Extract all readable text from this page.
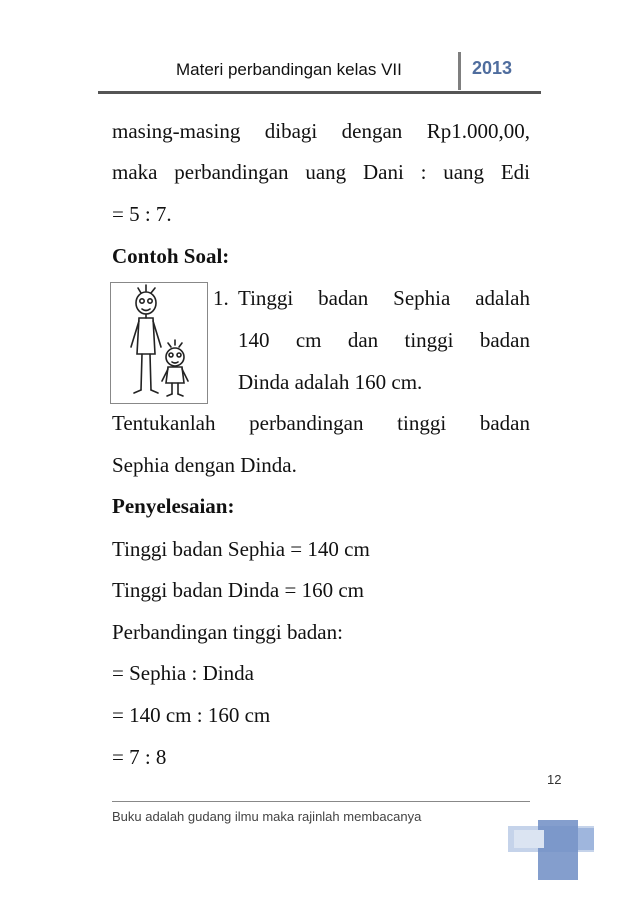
Materi perbandingan kelas VII	2013
masing-masing dibagi dengan Rp1.000,00,
maka perbandingan uang Dani : uang Edi
= 5 : 7.
Contoh Soal:
1. Tinggi badan Sephia adalah
140 cm dan tinggi badan
Dinda adalah 160 cm.
Tentukanlah perbandingan tinggi badan
Sephia dengan Dinda.
Penyelesaian:
Tinggi badan Sephia = 140 cm
Tinggi badan Dinda = 160 cm
Perbandingan tinggi badan:
= Sephia : Dinda
= 140 cm : 160 cm
= 7 : 8
12
Buku adalah gudang ilmu maka rajinlah membacanya
